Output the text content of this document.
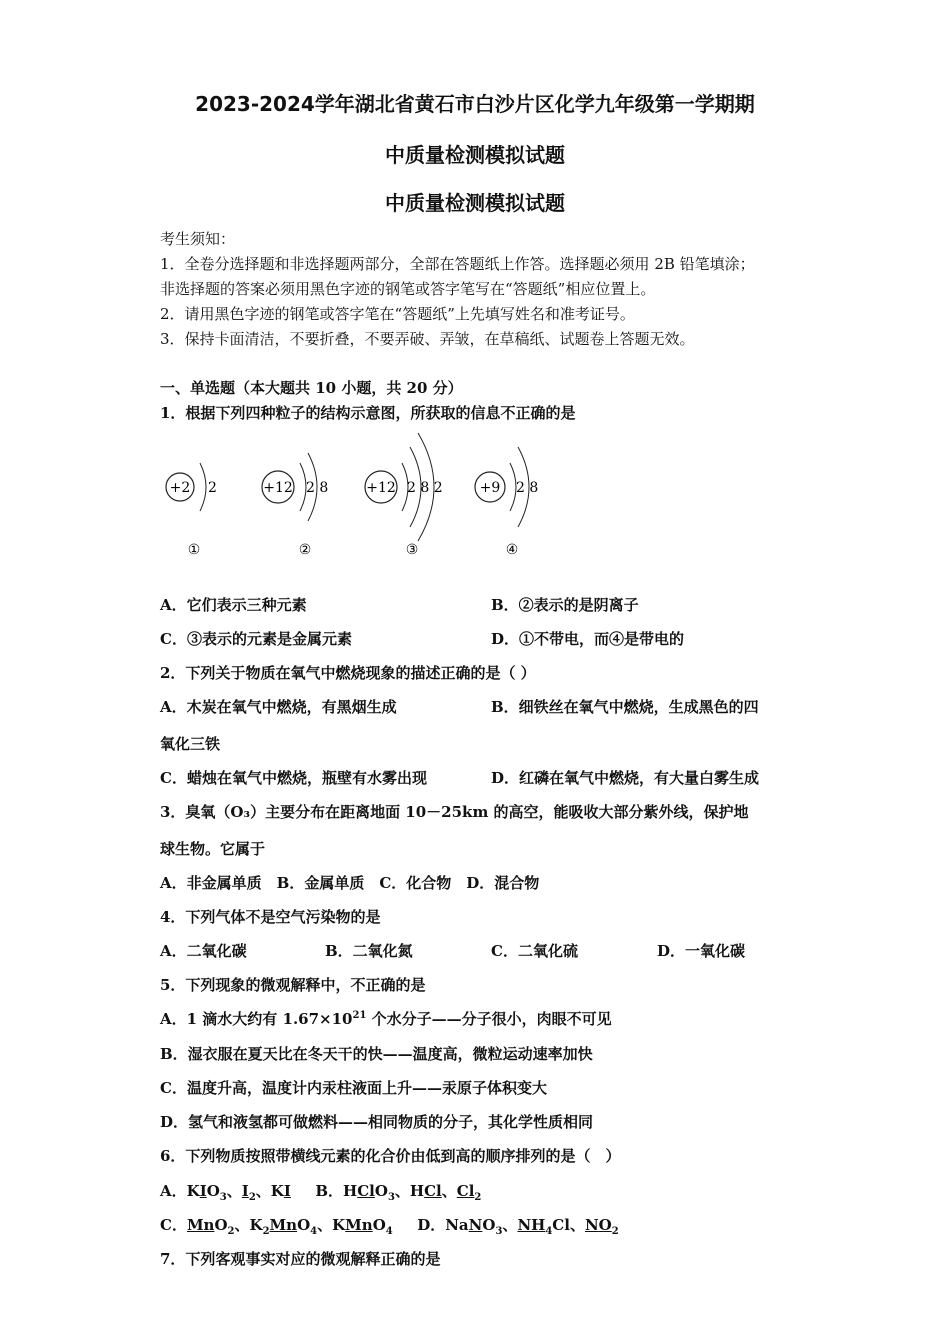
2023-2024学年湖北省黄石市白沙片区化学九年级第一学期期
中质量检测模拟试题
中质量检测模拟试题
考生须知：
1．全卷分选择题和非选择题两部分，全部在答题纸上作答。选择题必须用 2B 铅笔填涂；
非选择题的答案必须用黑色字迹的钢笔或答字笔写在“答题纸”相应位置上。
2．请用黑色字迹的钢笔或答字笔在“答题纸”上先填写姓名和准考证号。
3．保持卡面清洁，不要折叠，不要弄破、弄皱，在草稿纸、试题卷上答题无效。
一、单选题（本大题共 10 小题，共 20 分）
1．根据下列四种粒子的结构示意图，所获取的信息不正确的是
+2 2
①
+12 2 8
②
+12 2 8 2
③
+9 2 8
④
A．它们表示三种元素	B．②表示的是阴离子
C．③表示的元素是金属元素	D．①不带电，而④是带电的
2．下列关于物质在氧气中燃烧现象的描述正确的是（ ）
A．木炭在氧气中燃烧，有黑烟生成	B．细铁丝在氧气中燃烧，生成黑色的四
氧化三铁
C．蜡烛在氧气中燃烧，瓶壁有水雾出现	D．红磷在氧气中燃烧，有大量白雾生成
3．臭氧（O₃）主要分布在距离地面 10－25km 的高空，能吸收大部分紫外线，保护地
球生物。它属于
A．非金属单质　B．金属单质　C．化合物　D．混合物
4．下列气体不是空气污染物的是
A．二氧化碳	B．二氧化氮	C．二氧化硫	D．一氧化碳
5．下列现象的微观解释中，不正确的是
A．1 滴水大约有 $1.67\times 10^{21}$ 个水分子——分子很小，肉眼不可见
B．湿衣服在夏天比在冬天干的快——温度高，微粒运动速率加快
C．温度升高，温度计内汞柱液面上升——汞原子体积变大
D．氢气和液氢都可做燃料——相同物质的分子，其化学性质相同
6．下列物质按照带横线元素的化合价由低到高的顺序排列的是（　）
A．$KIO_3$、$I_2$、KI B．HClO$_3$、HCl、$Cl_2$
C．MnO$_2$、$K_2MnO_4$、KMnO$_4$ D．NaNO$_3$、$NH_4Cl$、$NO_2$
7．下列客观事实对应的微观解释正确的是
